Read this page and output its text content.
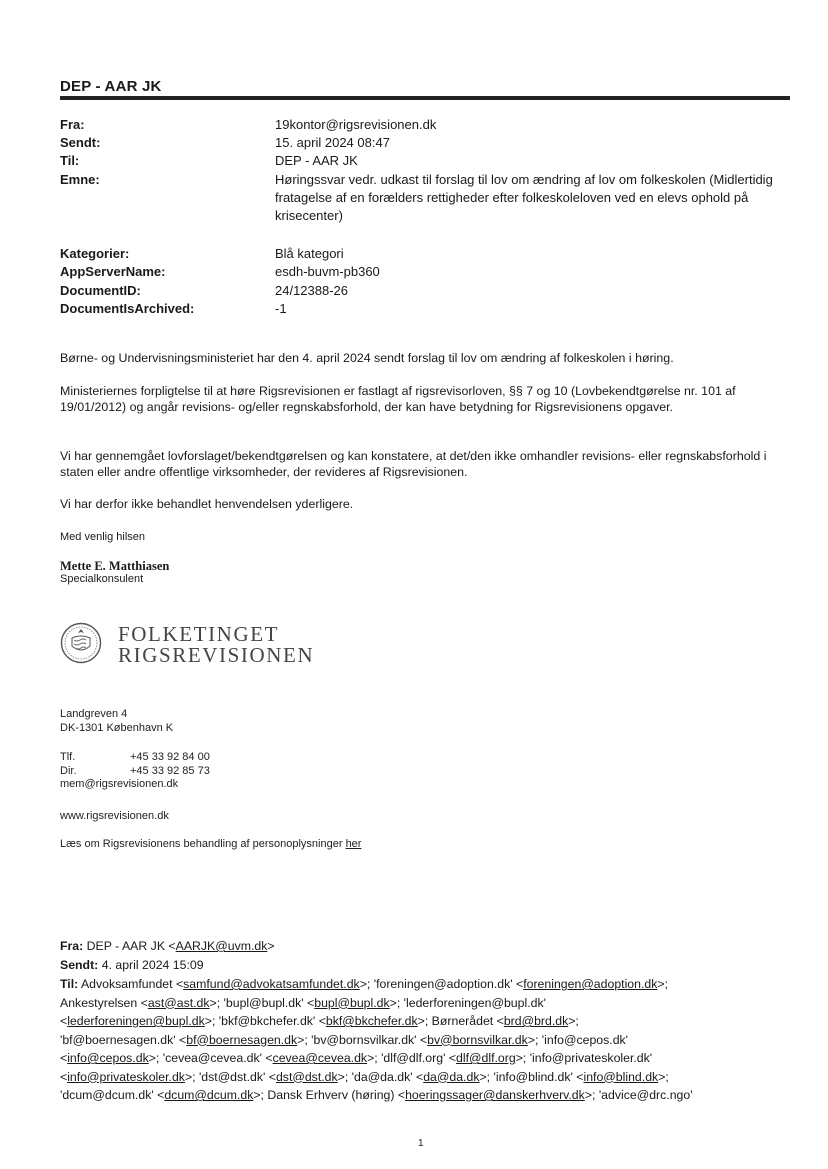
DEP - AAR JK
Fra:	19kontor@rigsrevisionen.dk
Sendt:	15. april 2024 08:47
Til:	DEP - AAR JK
Emne:	Høringssvar vedr. udkast til forslag til lov om ændring af lov om folkeskolen (Midlertidig fratagelse af en forælders rettigheder efter folkeskoleloven ved en elevs ophold på krisecenter)
Kategorier:	Blå kategori
AppServerName:	esdh-buvm-pb360
DocumentID:	24/12388-26
DocumentIsArchived:	-1
Børne- og Undervisningsministeriet har den 4. april 2024 sendt forslag til lov om ændring af folkeskolen i høring.
Ministeriernes forpligtelse til at høre Rigsrevisionen er fastlagt af rigsrevisorloven, §§ 7 og 10 (Lovbekendtgørelse nr. 101 af 19/01/2012) og angår revisions- og/eller regnskabsforhold, der kan have betydning for Rigsrevisionens opgaver.
Vi har gennemgået lovforslaget/bekendtgørelsen og kan konstatere, at det/den ikke omhandler revisions- eller regnskabsforhold i staten eller andre offentlige virksomheder, der revideres af Rigsrevisionen.
Vi har derfor ikke behandlet henvendelsen yderligere.
Med venlig hilsen
Mette E. Matthiasen
Specialkonsulent
FOLKETINGET
RIGSREVISIONEN
Landgreven 4
DK-1301 København K
Tlf.	+45 33 92 84 00
Dir.	+45 33 92 85 73
mem@rigsrevisionen.dk
www.rigsrevisionen.dk
Læs om Rigsrevisionens behandling af personoplysninger her
Fra: DEP - AAR JK <AARJK@uvm.dk>
Sendt: 4. april 2024 15:09
Til: Advoksamfundet <samfund@advokatsamfundet.dk>; 'foreningen@adoption.dk' <foreningen@adoption.dk>;
Ankestyrelsen <ast@ast.dk>; 'bupl@bupl.dk' <bupl@bupl.dk>; 'lederforeningen@bupl.dk'
<lederforeningen@bupl.dk>; 'bkf@bkchefer.dk' <bkf@bkchefer.dk>; Børnerådet <brd@brd.dk>;
'bf@boernesagen.dk' <bf@boernesagen.dk>; 'bv@bornsvilkar.dk' <bv@bornsvilkar.dk>; 'info@cepos.dk'
<info@cepos.dk>; 'cevea@cevea.dk' <cevea@cevea.dk>; 'dlf@dlf.org' <dlf@dlf.org>; 'info@privateskoler.dk'
<info@privateskoler.dk>; 'dst@dst.dk' <dst@dst.dk>; 'da@da.dk' <da@da.dk>; 'info@blind.dk' <info@blind.dk>;
'dcum@dcum.dk' <dcum@dcum.dk>; Dansk Erhverv (høring) <hoeringssager@danskerhverv.dk>; 'advice@drc.ngo'
1
